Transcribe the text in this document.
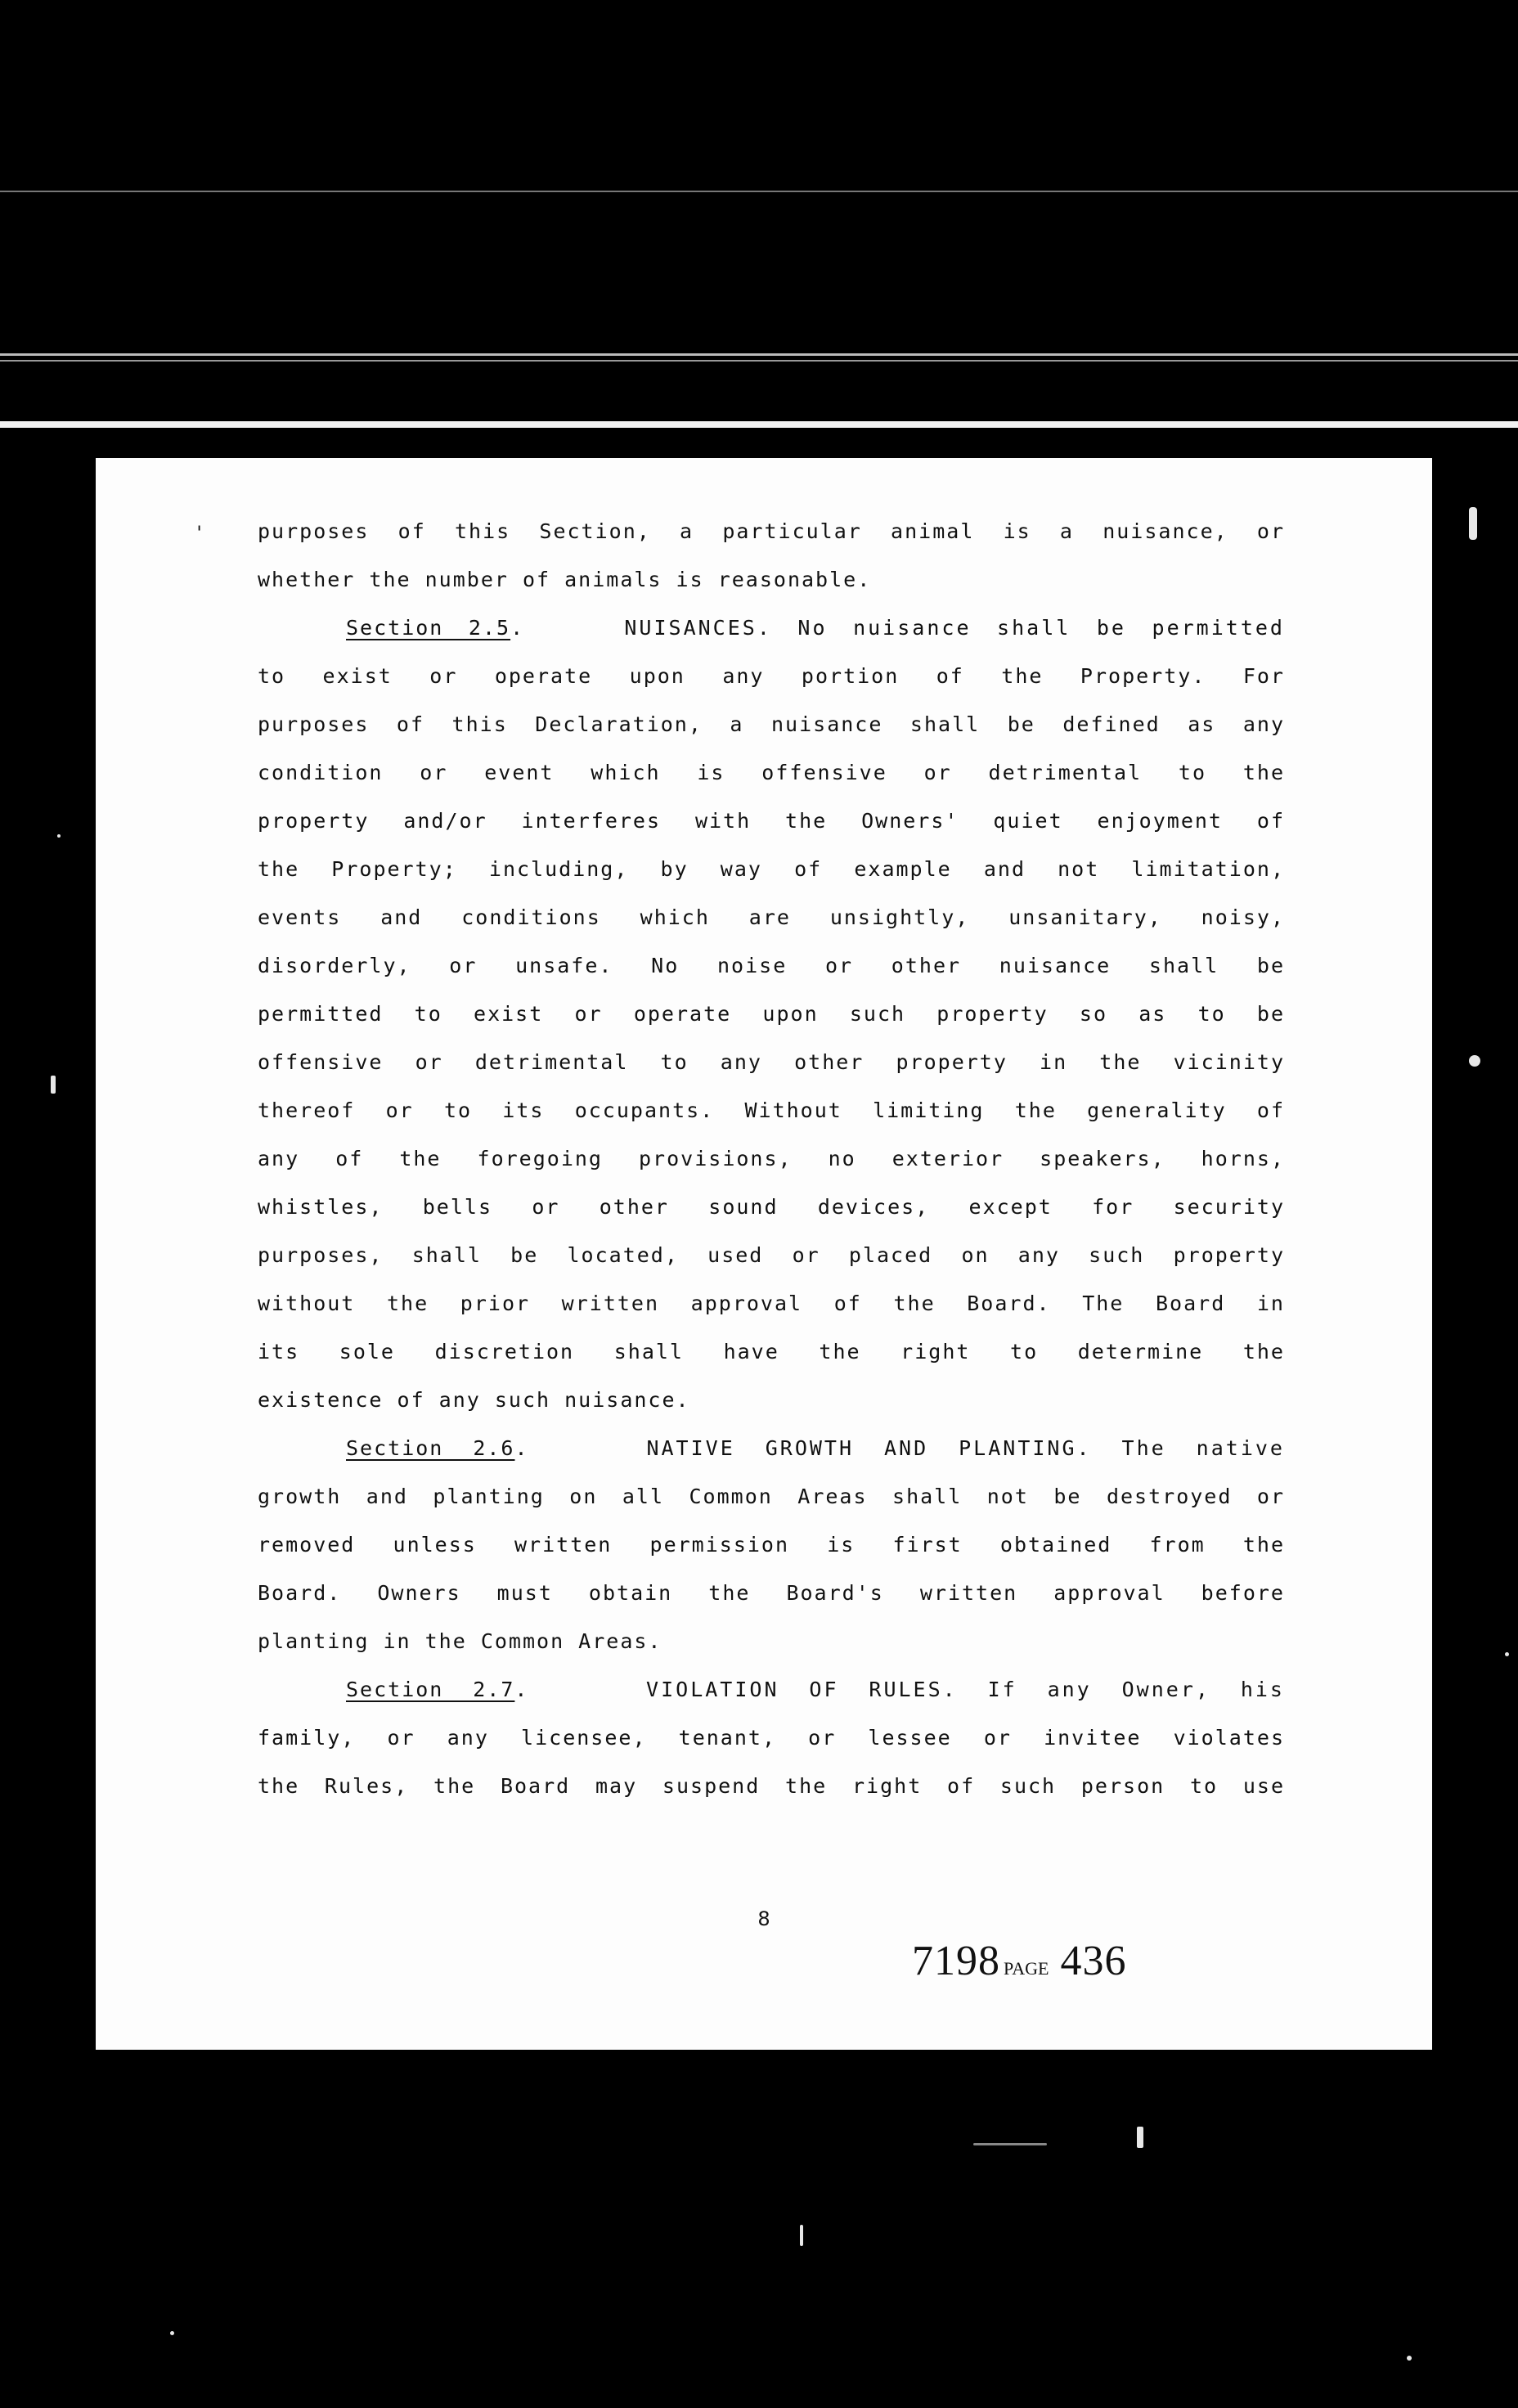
'	purposes of this Section, a particular animal is a nuisance, or
whether the number of animals is reasonable.
Section 2.5.	NUISANCES. No nuisance shall be permitted
to exist or operate upon any portion of the Property. For
purposes of this Declaration, a nuisance shall be defined as any
condition or event which is offensive or detrimental to the
property and/or interferes with the Owners' quiet enjoyment of
the Property; including, by way of example and not limitation,
events and conditions which are unsightly, unsanitary, noisy,
disorderly, or unsafe. No noise or other nuisance shall be
permitted to exist or operate upon such property so as to be
offensive or detrimental to any other property in the vicinity
thereof or to its occupants. Without limiting the generality of
any of the foregoing provisions, no exterior speakers, horns,
whistles, bells or other sound devices, except for security
purposes, shall be located, used or placed on any such property
without the prior written approval of the Board. The Board in
its sole discretion shall have the right to determine the
existence of any such nuisance.
Section 2.6.	NATIVE GROWTH AND PLANTING. The native
growth and planting on all Common Areas shall not be destroyed or
removed unless written permission is first obtained from the
Board. Owners must obtain the Board's written approval before
planting in the Common Areas.
Section 2.7.	VIOLATION OF RULES. If any Owner, his
family, or any licensee, tenant, or lessee or invitee violates
the Rules, the Board may suspend the right of such person to use
8
7198 PAGE 436
